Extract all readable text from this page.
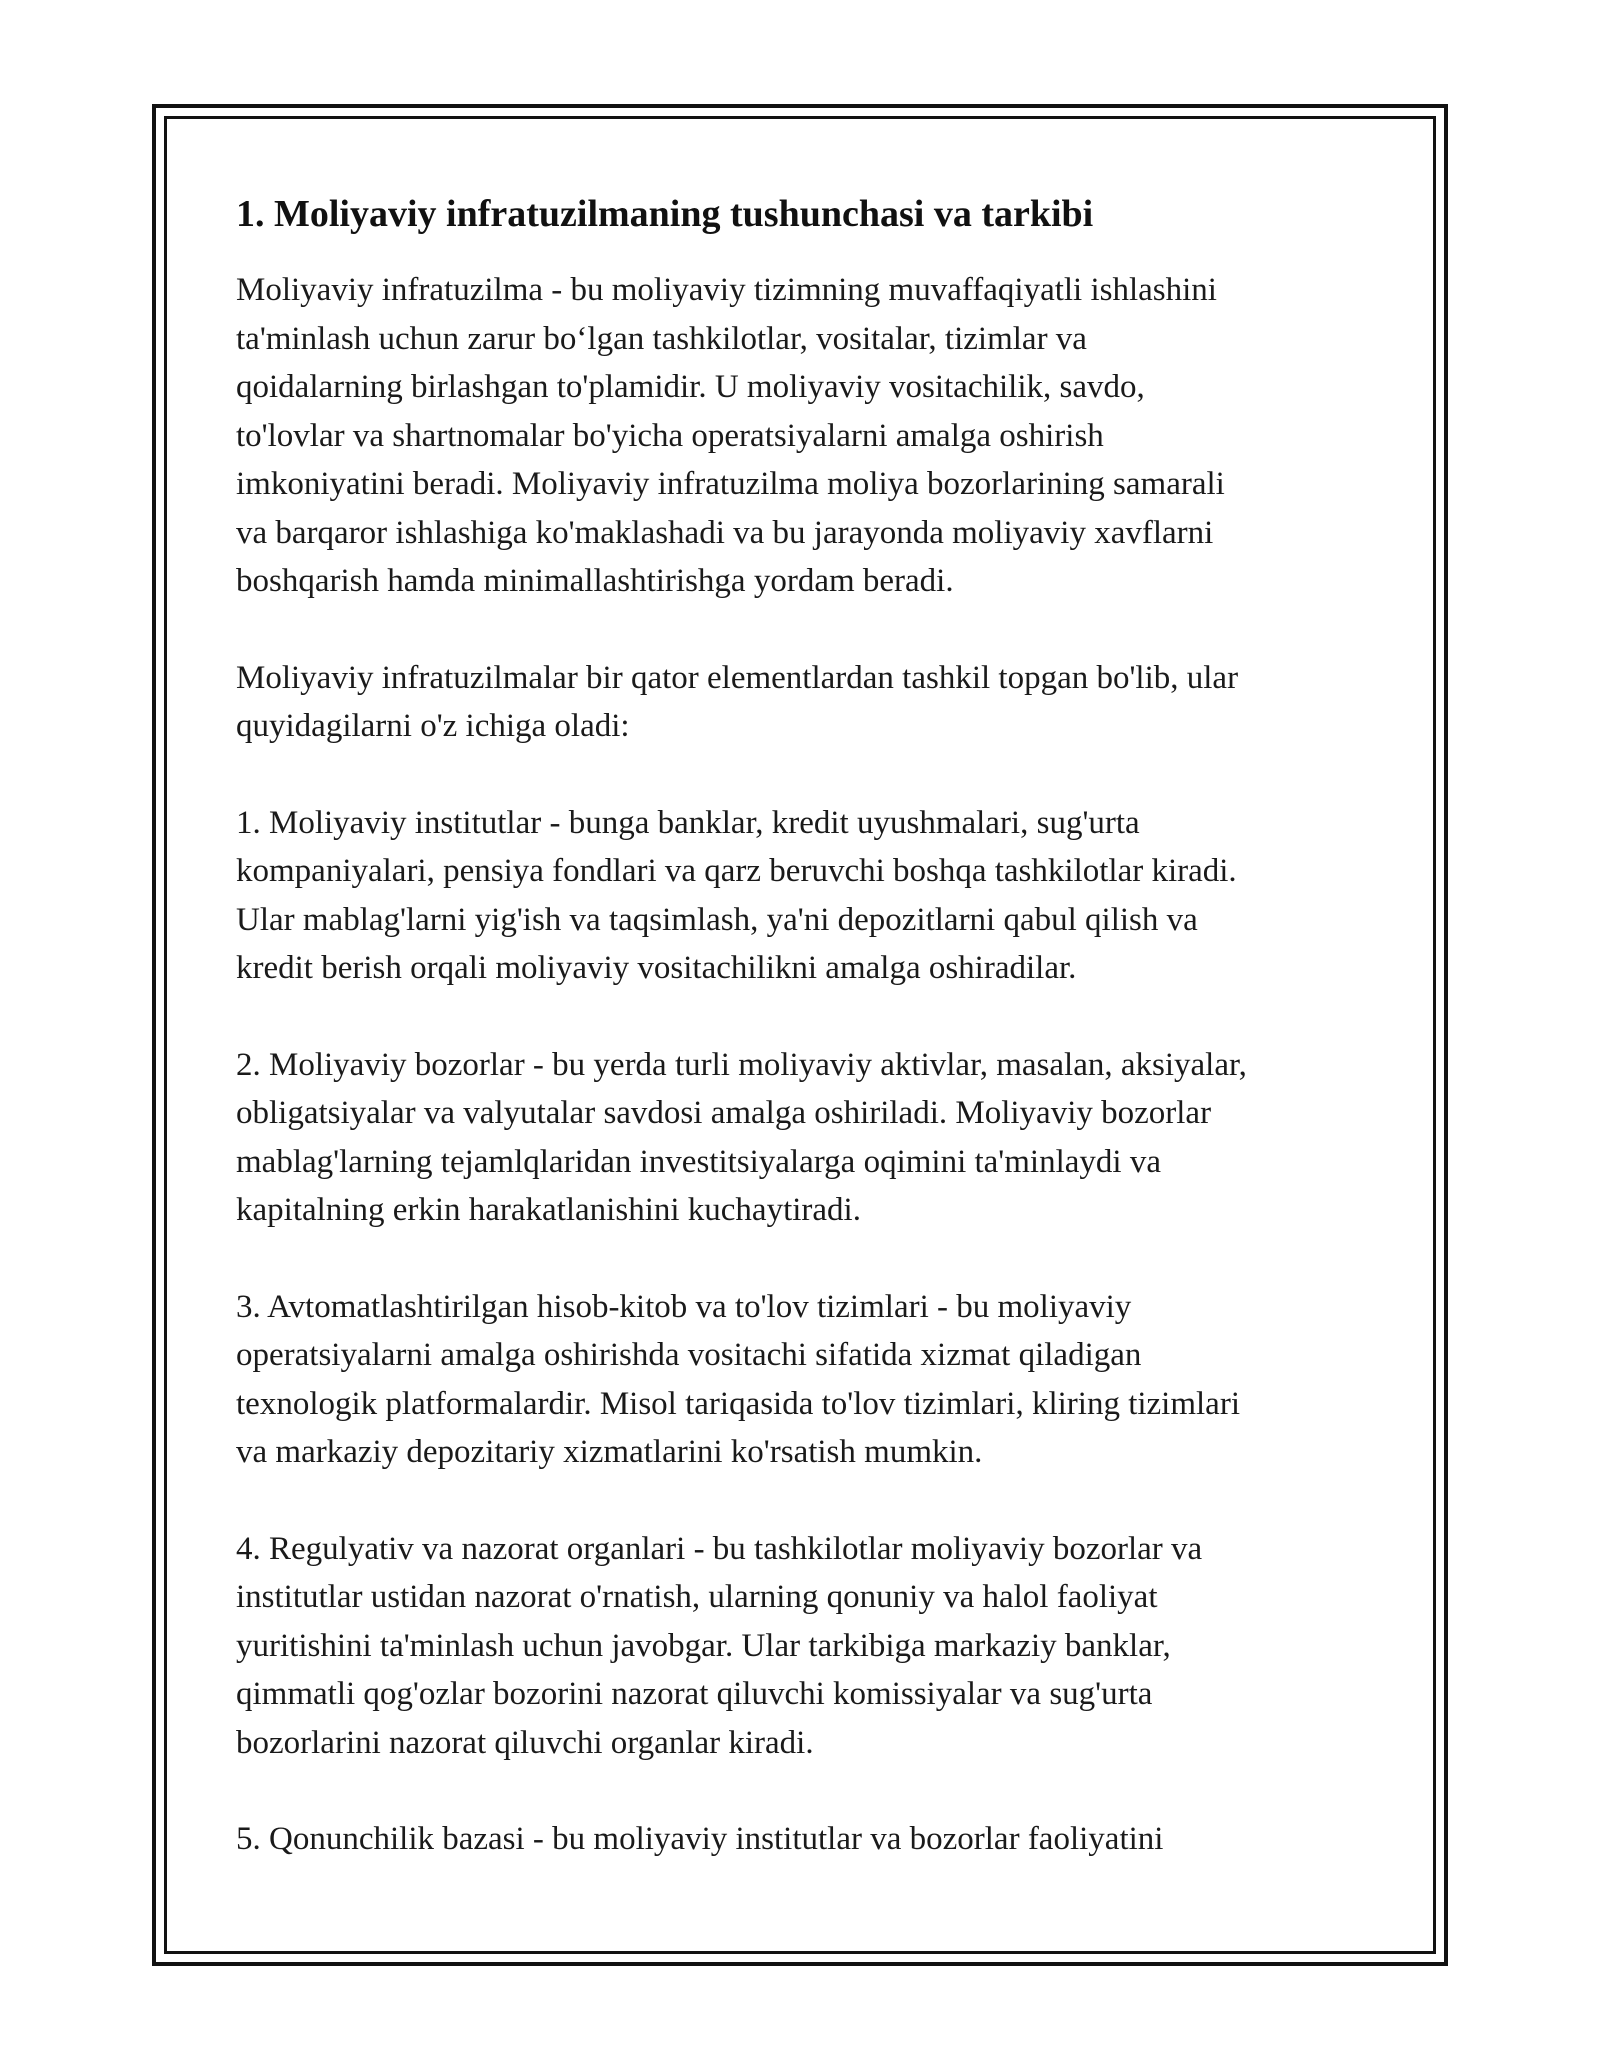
1. Moliyaviy infratuzilmaning tushunchasi va tarkibi

Moliyaviy infratuzilma - bu moliyaviy tizimning muvaffaqiyatli ishlashini
ta'minlash uchun zarur bo‘lgan tashkilotlar, vositalar, tizimlar va
qoidalarning birlashgan to'plamidir. U moliyaviy vositachilik, savdo,
to'lovlar va shartnomalar bo'yicha operatsiyalarni amalga oshirish
imkoniyatini beradi. Moliyaviy infratuzilma moliya bozorlarining samarali
va barqaror ishlashiga ko'maklashadi va bu jarayonda moliyaviy xavflarni
boshqarish hamda minimallashtirishga yordam beradi.

Moliyaviy infratuzilmalar bir qator elementlardan tashkil topgan bo'lib, ular
quyidagilarni o'z ichiga oladi:

1. Moliyaviy institutlar - bunga banklar, kredit uyushmalari, sug'urta
kompaniyalari, pensiya fondlari va qarz beruvchi boshqa tashkilotlar kiradi.
Ular mablag'larni yig'ish va taqsimlash, ya'ni depozitlarni qabul qilish va
kredit berish orqali moliyaviy vositachilikni amalga oshiradilar.

2. Moliyaviy bozorlar - bu yerda turli moliyaviy aktivlar, masalan, aksiyalar,
obligatsiyalar va valyutalar savdosi amalga oshiriladi. Moliyaviy bozorlar
mablag'larning tejamlqlaridan investitsiyalarga oqimini ta'minlaydi va
kapitalning erkin harakatlanishini kuchaytiradi.

3. Avtomatlashtirilgan hisob-kitob va to'lov tizimlari - bu moliyaviy
operatsiyalarni amalga oshirishda vositachi sifatida xizmat qiladigan
texnologik platformalardir. Misol tariqasida to'lov tizimlari, kliring tizimlari
va markaziy depozitariy xizmatlarini ko'rsatish mumkin.

4. Regulyativ va nazorat organlari - bu tashkilotlar moliyaviy bozorlar va
institutlar ustidan nazorat o'rnatish, ularning qonuniy va halol faoliyat
yuritishini ta'minlash uchun javobgar. Ular tarkibiga markaziy banklar,
qimmatli qog'ozlar bozorini nazorat qiluvchi komissiyalar va sug'urta
bozorlarini nazorat qiluvchi organlar kiradi.

5. Qonunchilik bazasi - bu moliyaviy institutlar va bozorlar faoliyatini
